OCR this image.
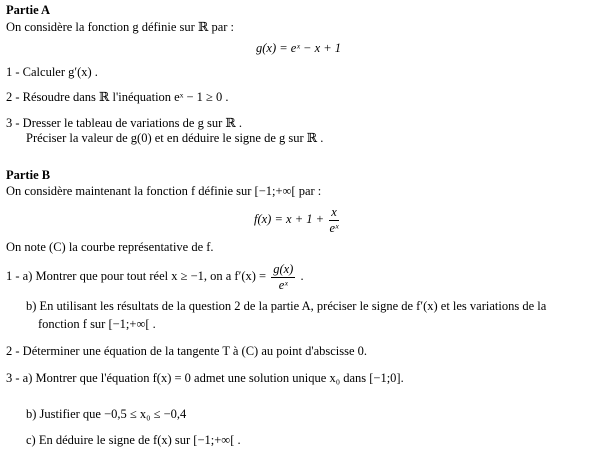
Partie A
On considère la fonction g définie sur ℝ par :
g(x) = eˣ − x + 1
1 - Calculer g′(x) .
2 - Résoudre dans ℝ l'inéquation eˣ − 1 ≥ 0 .
3 - Dresser le tableau de variations de g sur ℝ .
Préciser la valeur de g(0) et en déduire le signe de g sur ℝ .
Partie B
On considère maintenant la fonction f définie sur [−1;+∞[ par :
$f(x) = x + 1 + \frac{x}{\text{eˣ}}$
On note (C) la courbe représentative de f.
1 - a) Montrer que pour tout réel x ≥ −1, on a $f'(x) = \frac{g(x)}{\text{eˣ}}$ .
b) En utilisant les résultats de la question 2 de la partie A, préciser le signe de f′(x) et les variations de la
fonction f sur [−1;+∞[ .
2 - Déterminer une équation de la tangente T à (C) au point d'abscisse 0.
3 - a) Montrer que l'équation f(x) = 0 admet une solution unique x₀ dans [−1;0].
b) Justifier que −0,5 ≤ x₀ ≤ −0,4
c) En déduire le signe de f(x) sur [−1;+∞[ .
